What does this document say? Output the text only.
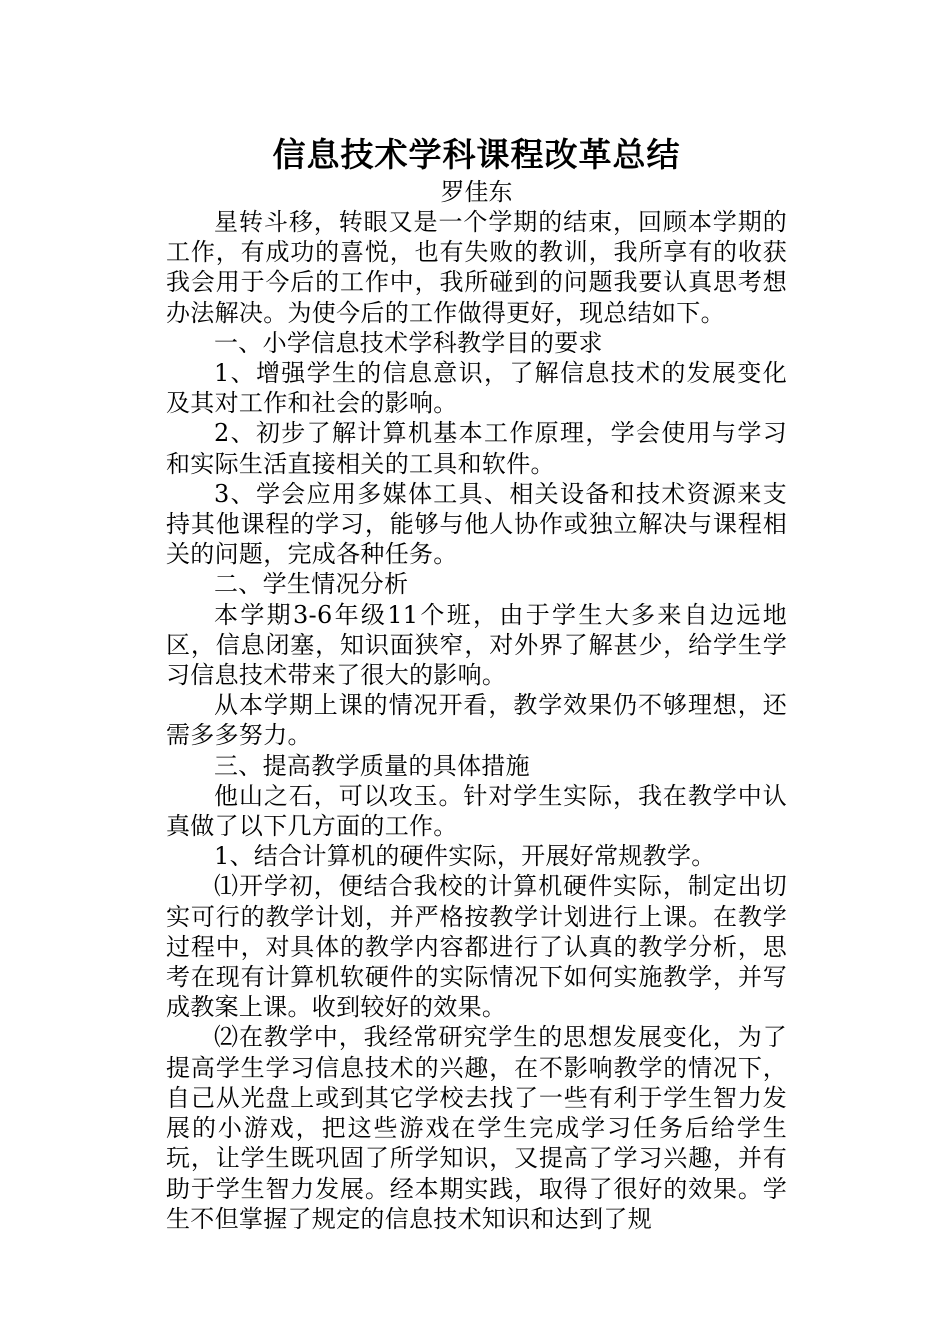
信息技术学科课程改革总结

罗佳东

星转斗移，转眼又是一个学期的结束，回顾本学期的工作，有成功的喜悦，也有失败的教训，我所享有的收获我会用于今后的工作中，我所碰到的问题我要认真思考想办法解决。为使今后的工作做得更好，现总结如下。

一、小学信息技术学科教学目的要求

1、增强学生的信息意识，了解信息技术的发展变化及其对工作和社会的影响。

2、初步了解计算机基本工作原理，学会使用与学习和实际生活直接相关的工具和软件。

3、学会应用多媒体工具、相关设备和技术资源来支持其他课程的学习，能够与他人协作或独立解决与课程相关的问题，完成各种任务。

二、学生情况分析

本学期3-6年级11个班，由于学生大多来自边远地区，信息闭塞，知识面狭窄，对外界了解甚少，给学生学习信息技术带来了很大的影响。

从本学期上课的情况开看，教学效果仍不够理想，还需多多努力。

三、提高教学质量的具体措施

他山之石，可以攻玉。针对学生实际，我在教学中认真做了以下几方面的工作。

1、结合计算机的硬件实际，开展好常规教学。

⑴开学初，便结合我校的计算机硬件实际，制定出切实可行的教学计划，并严格按教学计划进行上课。在教学过程中，对具体的教学内容都进行了认真的教学分析，思考在现有计算机软硬件的实际情况下如何实施教学，并写成教案上课。收到较好的效果。

⑵在教学中，我经常研究学生的思想发展变化，为了提高学生学习信息技术的兴趣，在不影响教学的情况下，自己从光盘上或到其它学校去找了一些有利于学生智力发展的小游戏，把这些游戏在学生完成学习任务后给学生玩，让学生既巩固了所学知识，又提高了学习兴趣，并有助于学生智力发展。经本期实践，取得了很好的效果。学生不但掌握了规定的信息技术知识和达到了规
